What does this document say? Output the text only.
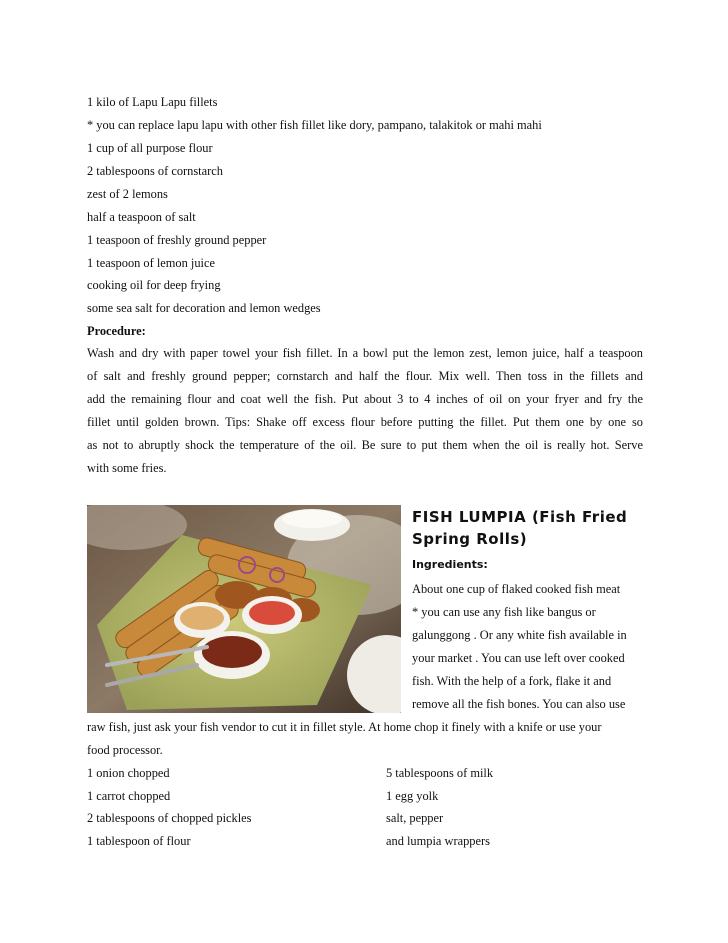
1 kilo of Lapu Lapu fillets
* you can replace lapu lapu with other fish fillet like dory, pampano, talakitok or mahi mahi
1 cup of all purpose flour
2 tablespoons of cornstarch
zest of 2 lemons
half a teaspoon of salt
1 teaspoon of freshly ground pepper
1 teaspoon of lemon juice
cooking oil for deep frying
some sea salt for decoration and lemon wedges
Procedure:
Wash and dry with paper towel your fish fillet. In a bowl put the lemon zest, lemon juice, half a teaspoon
of salt and freshly ground pepper; cornstarch and half the flour. Mix well. Then toss in the fillets and
add the remaining flour and coat well the fish. Put about 3 to 4 inches of oil on your fryer and fry the
fillet until golden brown. Tips: Shake off excess flour before putting the fillet. Put them one by one so
as not to abruptly shock the temperature of the oil. Be sure to put them when the oil is really hot. Serve
with some fries.
FISH LUMPIA (Fish Fried
Spring Rolls)
Ingredients:
About one cup of flaked cooked fish meat
* you can use any fish like bangus or
galunggong . Or any white fish available in
your market . You can use left over cooked
fish. With the help of a fork, flake it and
remove all the fish bones. You can also use
raw fish, just ask your fish vendor to cut it in fillet style. At home chop it finely with a knife or use your
food processor.
1 onion chopped
1 carrot chopped
2 tablespoons of chopped pickles
1 tablespoon of flour
5 tablespoons of milk
1 egg yolk
salt, pepper
and lumpia wrappers
